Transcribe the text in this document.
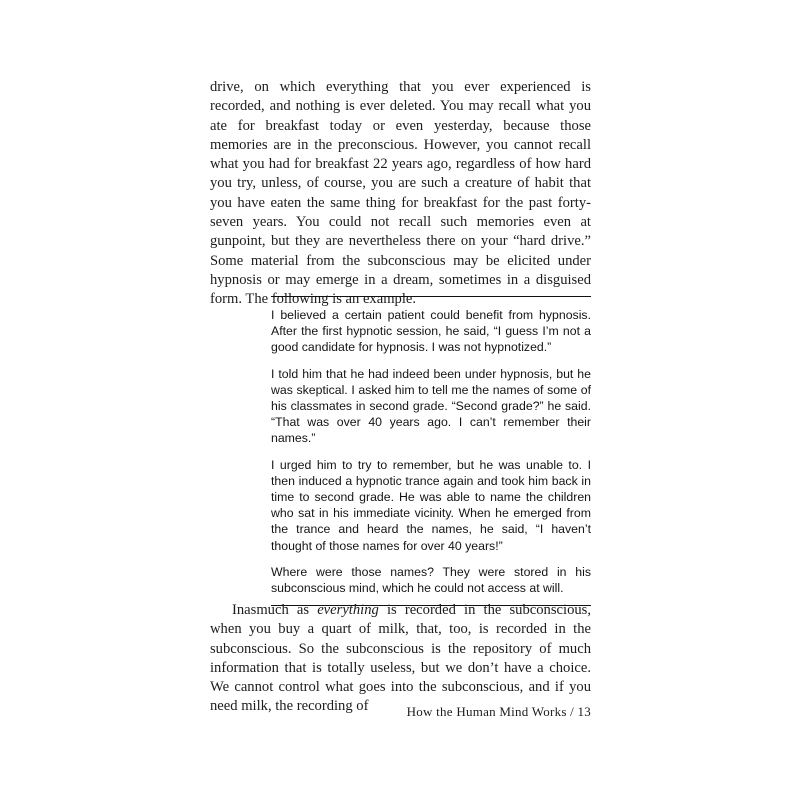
drive, on which everything that you ever experienced is recorded, and nothing is ever deleted. You may recall what you ate for breakfast today or even yesterday, because those memories are in the preconscious. However, you cannot recall what you had for breakfast 22 years ago, regardless of how hard you try, unless, of course, you are such a creature of habit that you have eaten the same thing for breakfast for the past forty-seven years. You could not recall such memories even at gunpoint, but they are nevertheless there on your “hard drive.” Some material from the subconscious may be elicited under hypnosis or may emerge in a dream, sometimes in a disguised form. The following is an example.

I believed a certain patient could benefit from hypnosis. After the first hypnotic session, he said, “I guess I’m not a good candidate for hypnosis. I was not hypnotized.”

I told him that he had indeed been under hypnosis, but he was skeptical. I asked him to tell me the names of some of his classmates in second grade. “Second grade?” he said. “That was over 40 years ago. I can’t remember their names.”

I urged him to try to remember, but he was unable to. I then induced a hypnotic trance again and took him back in time to second grade. He was able to name the children who sat in his immediate vicinity. When he emerged from the trance and heard the names, he said, “I haven’t thought of those names for over 40 years!”

Where were those names? They were stored in his subconscious mind, which he could not access at will.

Inasmuch as everything is recorded in the subconscious, when you buy a quart of milk, that, too, is recorded in the subconscious. So the subconscious is the repository of much information that is totally useless, but we don’t have a choice. We cannot control what goes into the subconscious, and if you need milk, the recording of	How the Human Mind Works / 13
